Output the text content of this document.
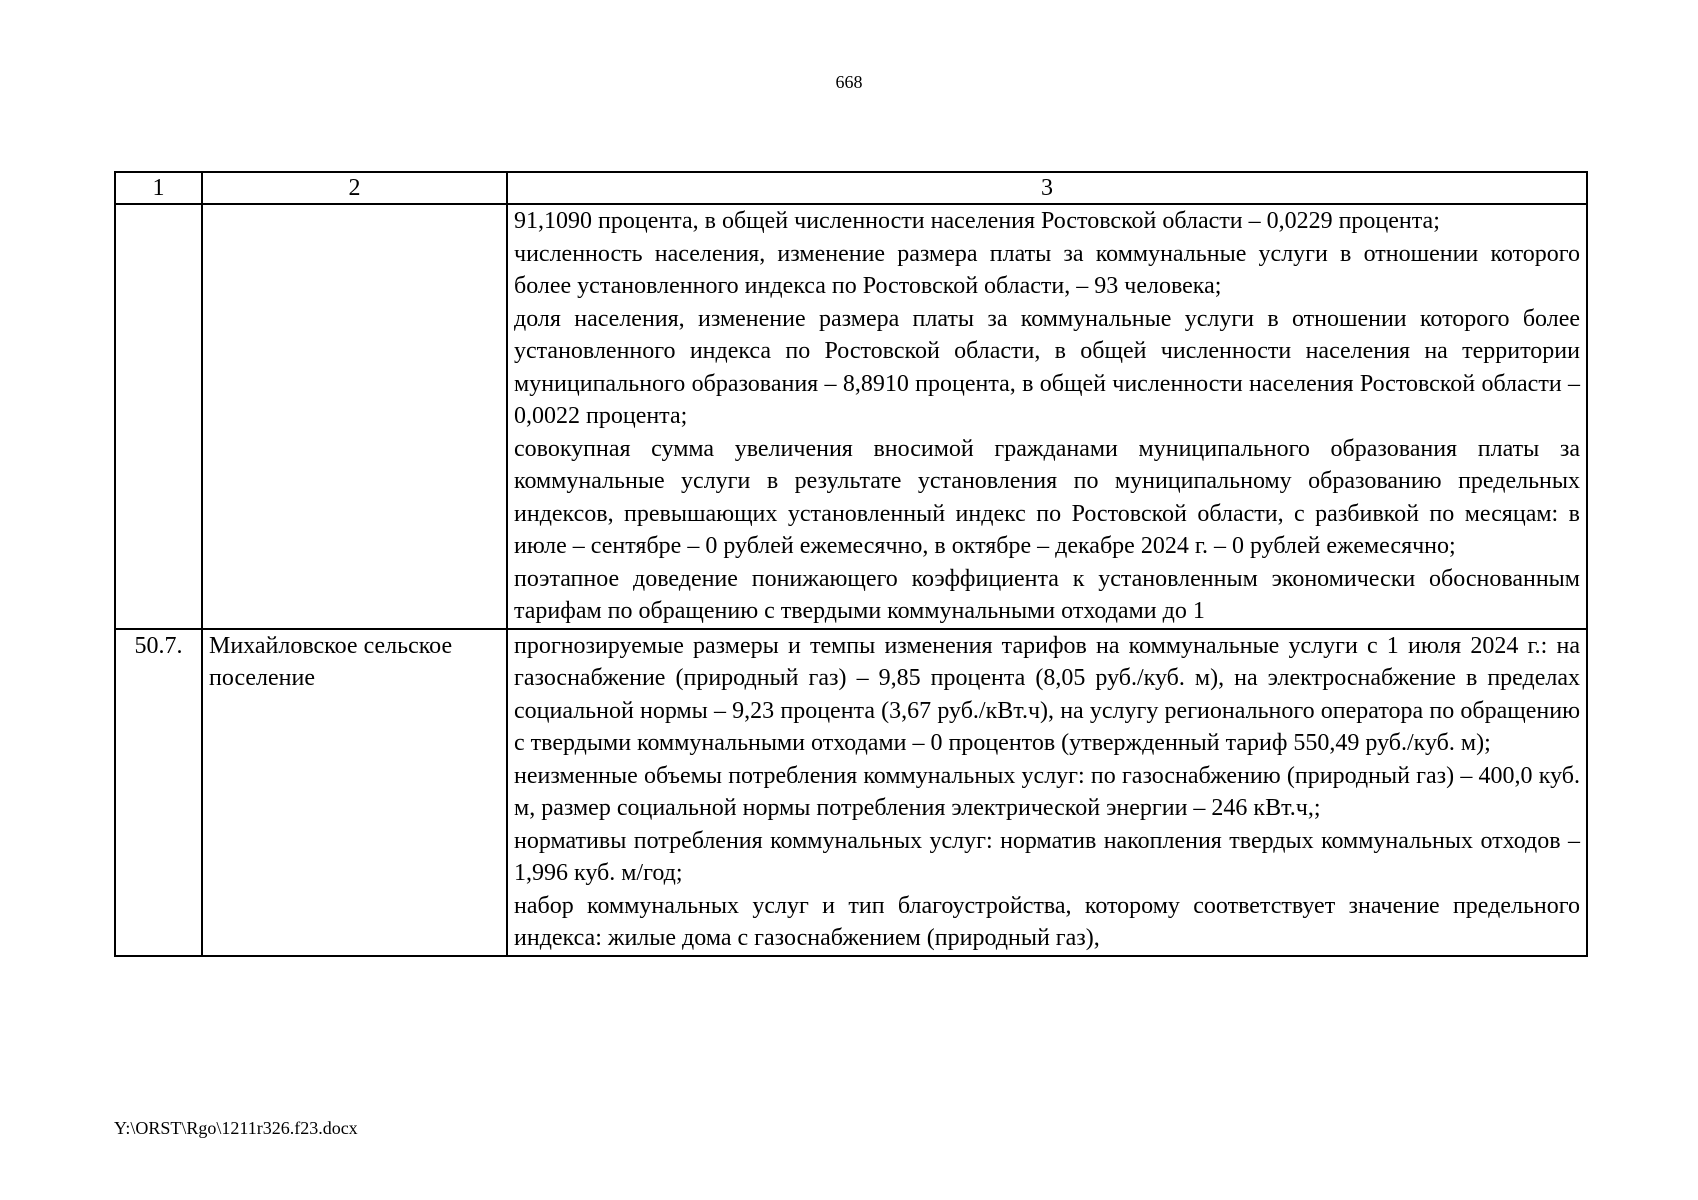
668
1	2	3

		91,1090 процента, в общей численности населения Ростовской области – 0,0229 процента;

численность населения, изменение размера платы за коммунальные услуги в отношении которого более установленного индекса по Ростовской области, – 93 человека;

доля населения, изменение размера платы за коммунальные услуги в отношении которого более установленного индекса по Ростовской области, в общей численности населения на территории муниципального образования – 8,8910 процента, в общей численности населения Ростовской области – 0,0022 процента;

совокупная сумма увеличения вносимой гражданами муниципального образования платы за коммунальные услуги в результате установления по муниципальному образованию предельных индексов, превышающих установленный индекс по Ростовской области, с разбивкой по месяцам: в июле – сентябре – 0 рублей ежемесячно, в октябре – декабре 2024 г. – 0 рублей ежемесячно;

поэтапное доведение понижающего коэффициента к установленным экономически обоснованным тарифам по обращению с твердыми коммунальными отходами до 1

50.7.	Михайловское сельское поселение	прогнозируемые размеры и темпы изменения тарифов на коммунальные услуги с 1 июля 2024 г.: на газоснабжение (природный газ) – 9,85 процента (8,05 руб./куб. м), на электроснабжение в пределах социальной нормы – 9,23 процента (3,67 руб./кВт.ч), на услугу регионального оператора по обращению с твердыми коммунальными отходами – 0 процентов (утвержденный тариф 550,49 руб./куб. м);

неизменные объемы потребления коммунальных услуг: по газоснабжению (природный газ) – 400,0 куб. м, размер социальной нормы потребления электрической энергии – 246 кВт.ч,;

нормативы потребления коммунальных услуг: норматив накопления твердых коммунальных отходов – 1,996 куб. м/год;

набор коммунальных услуг и тип благоустройства, которому соответствует значение предельного индекса: жилые дома с газоснабжением (природный газ),

Y:\ORST\Rgo\1211r326.f23.docx
